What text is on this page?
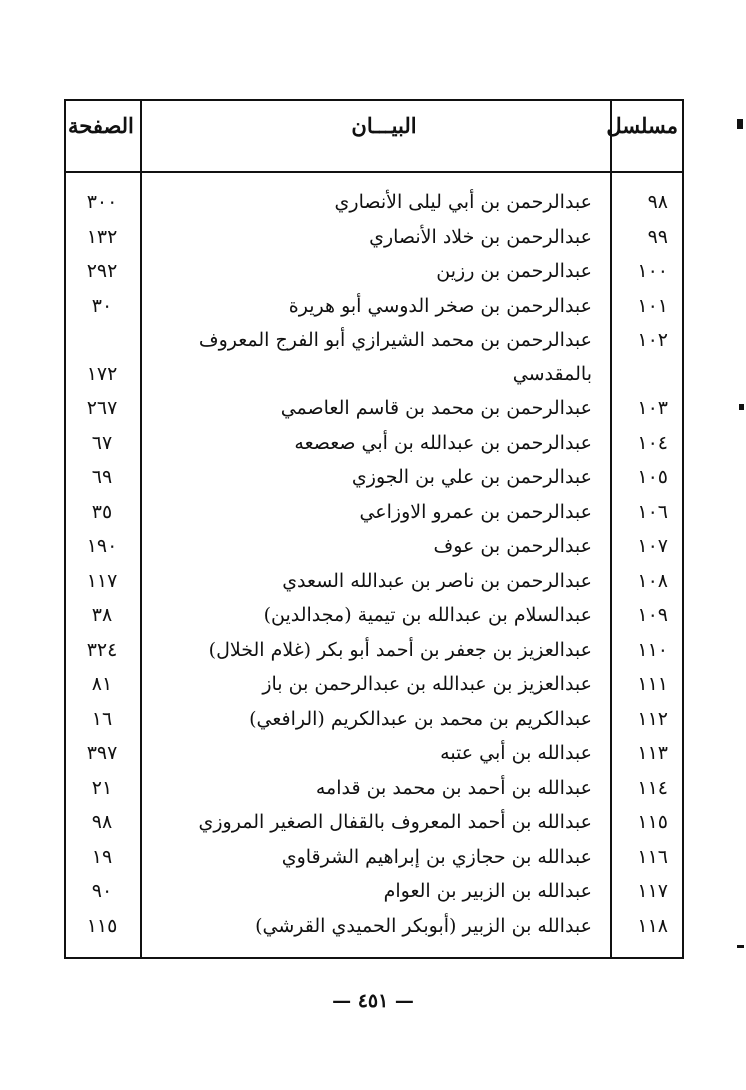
مسلسل
البيـــان
الصفحة
٩٨
عبدالرحمن بن أبي ليلى الأنصاري
٣٠٠
٩٩
عبدالرحمن بن خلاد الأنصاري
١٣٢
١٠٠
عبدالرحمن بن رزين
٢٩٢
١٠١
عبدالرحمن بن صخر الدوسي أبو هريرة
٣٠
١٠٢
عبدالرحمن بن محمد الشيرازي أبو الفرج المعروف بالمقدسي
١٧٢
١٠٣
عبدالرحمن بن محمد بن قاسم العاصمي
٢٦٧
١٠٤
عبدالرحمن بن عبدالله بن أبي صعصعه
٦٧
١٠٥
عبدالرحمن بن علي بن الجوزي
٦٩
١٠٦
عبدالرحمن بن عمرو الاوزاعي
٣٥
١٠٧
عبدالرحمن بن عوف
١٩٠
١٠٨
عبدالرحمن بن ناصر بن عبدالله السعدي
١١٧
١٠٩
عبدالسلام بن عبدالله بن تيمية (مجدالدين)
٣٨
١١٠
عبدالعزيز بن جعفر بن أحمد أبو بكر (غلام الخلال)
٣٢٤
١١١
عبدالعزيز بن عبدالله بن عبدالرحمن بن باز
٨١
١١٢
عبدالكريم بن محمد بن عبدالكريم (الرافعي)
١٦
١١٣
عبدالله بن أبي عتبه
٣٩٧
١١٤
عبدالله بن أحمد بن محمد بن قدامه
٢١
١١٥
عبدالله بن أحمد المعروف بالقفال الصغير المروزي
٩٨
١١٦
عبدالله بن حجازي بن إبراهيم الشرقاوي
١٩
١١٧
عبدالله بن الزبير بن العوام
٩٠
١١٨
عبدالله بن الزبير (أبوبكر الحميدي القرشي)
١١٥
— ٤٥١ —
